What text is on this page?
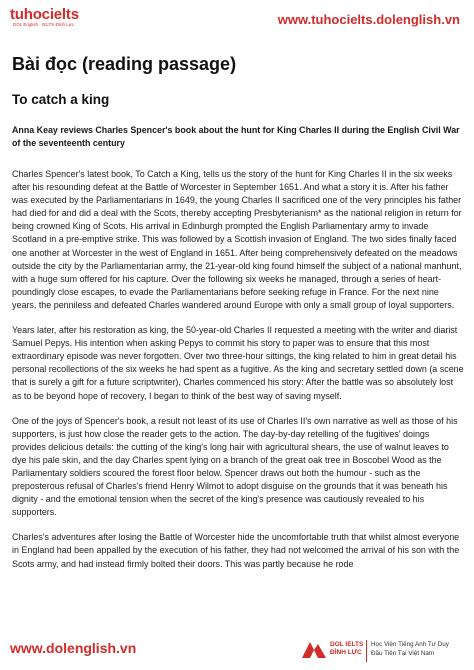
tuhocielts
DOL English - IELTS Đình Lực	www.tuhocielts.dolenglish.vn
Bài đọc (reading passage)
To catch a king
Anna Keay reviews Charles Spencer's book about the hunt for King Charles II during the English Civil War of the seventeenth century

Charles Spencer's latest book, To Catch a King, tells us the story of the hunt for King Charles II in the six weeks after his resounding defeat at the Battle of Worcester in September 1651. And what a story it is. After his father was executed by the Parliamentarians in 1649, the young Charles II sacrificed one of the very principles his father had died for and did a deal with the Scots, thereby accepting Presbyterianism* as the national religion in return for being crowned King of Scots. His arrival in Edinburgh prompted the English Parliamentary army to invade Scotland in a pre-emptive strike. This was followed by a Scottish invasion of England. The two sides finally faced one another at Worcester in the west of England in 1651. After being comprehensively defeated on the meadows outside the city by the Parliamentarian army, the 21-year-old king found himself the subject of a national manhunt, with a huge sum offered for his capture. Over the following six weeks he managed, through a series of heart-poundingly close escapes, to evade the Parliamentarians before seeking refuge in France. For the next nine years, the penniless and defeated Charles wandered around Europe with only a small group of loyal supporters.

Years later, after his restoration as king, the 50-year-old Charles II requested a meeting with the writer and diarist Samuel Pepys. His intention when asking Pepys to commit his story to paper was to ensure that this most extraordinary episode was never forgotten. Over two three-hour sittings, the king related to him in great detail his personal recollections of the six weeks he had spent as a fugitive. As the king and secretary settled down (a scene that is surely a gift for a future scriptwriter), Charles commenced his story: After the battle was so absolutely lost as to be beyond hope of recovery, I began to think of the best way of saving myself.

One of the joys of Spencer's book, a result not least of its use of Charles II's own narrative as well as those of his supporters, is just how close the reader gets to the action. The day-by-day retelling of the fugitives' doings provides delicious details: the cutting of the king's long hair with agricultural shears, the use of walnut leaves to dye his pale skin, and the day Charles spent lying on a branch of the great oak tree in Boscobel Wood as the Parliamentary soldiers scoured the forest floor below. Spencer draws out both the humour - such as the preposterous refusal of Charles's friend Henry Wilmot to adopt disguise on the grounds that it was beneath his dignity - and the emotional tension when the secret of the king's presence was cautiously revealed to his supporters.

Charles's adventures after losing the Battle of Worcester hide the uncomfortable truth that whilst almost everyone in England had been appalled by the execution of his father, they had not welcomed the arrival of his son with the Scots army, and had instead firmly bolted their doors. This was partly because he rode

www.dolenglish.vn	DOL IELTS ĐÌNH LỰC
Học Viện Tiếng Anh Tư Duy
Đầu Tiên Tại Việt Nam
